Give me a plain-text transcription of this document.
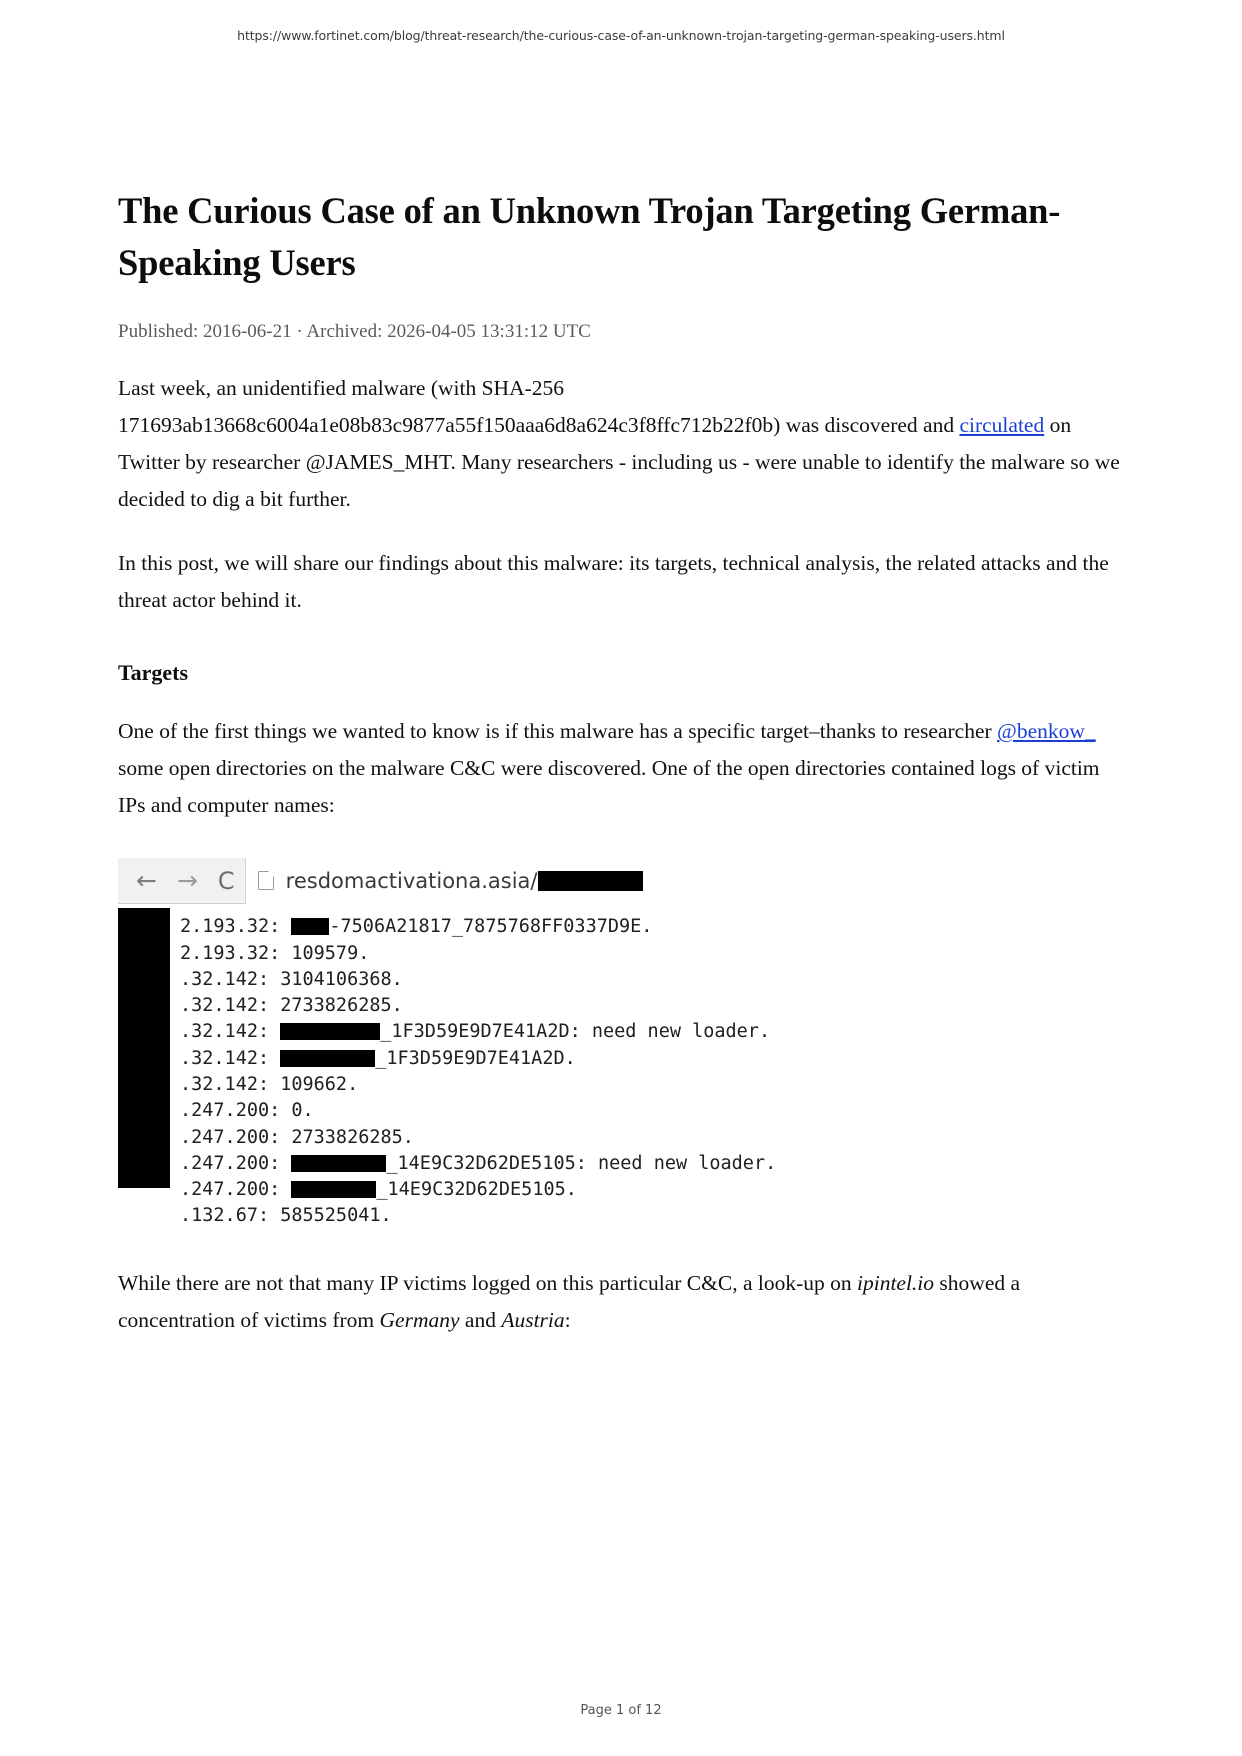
https://www.fortinet.com/blog/threat-research/the-curious-case-of-an-unknown-trojan-targeting-german-speaking-users.html
The Curious Case of an Unknown Trojan Targeting German-Speaking Users
Published: 2016-06-21 · Archived: 2026-04-05 13:31:12 UTC

Last week, an unidentified malware (with SHA-256 171693ab13668c6004a1e08b83c9877a55f150aaa6d8a624c3f8ffc712b22f0b) was discovered and circulated on Twitter by researcher @JAMES_MHT. Many researchers - including us - were unable to identify the malware so we decided to dig a bit further.

In this post, we will share our findings about this malware: its targets, technical analysis, the related attacks and the threat actor behind it.

Targets

One of the first things we wanted to know is if this malware has a specific target–thanks to researcher @benkow_ some open directories on the malware C&C were discovered. One of the open directories contained logs of victim IPs and computer names:

← → C resdomactivationa.asia/
2.193.32: -7506A21817_7875768FF0337D9E.
2.193.32: 109579.
.32.142: 3104106368.
.32.142: 2733826285.
.32.142:	_1F3D59E9D7E41A2D: need new loader.
.32.142:	_1F3D59E9D7E41A2D.
.32.142: 109662.
.247.200: 0.
.247.200: 2733826285.
.247.200:	_14E9C32D62DE5105: need new loader.
.247.200:	_14E9C32D62DE5105.
.132.67: 585525041.

While there are not that many IP victims logged on this particular C&C, a look-up on ipintel.io showed a concentration of victims from Germany and Austria:

Page 1 of 12
